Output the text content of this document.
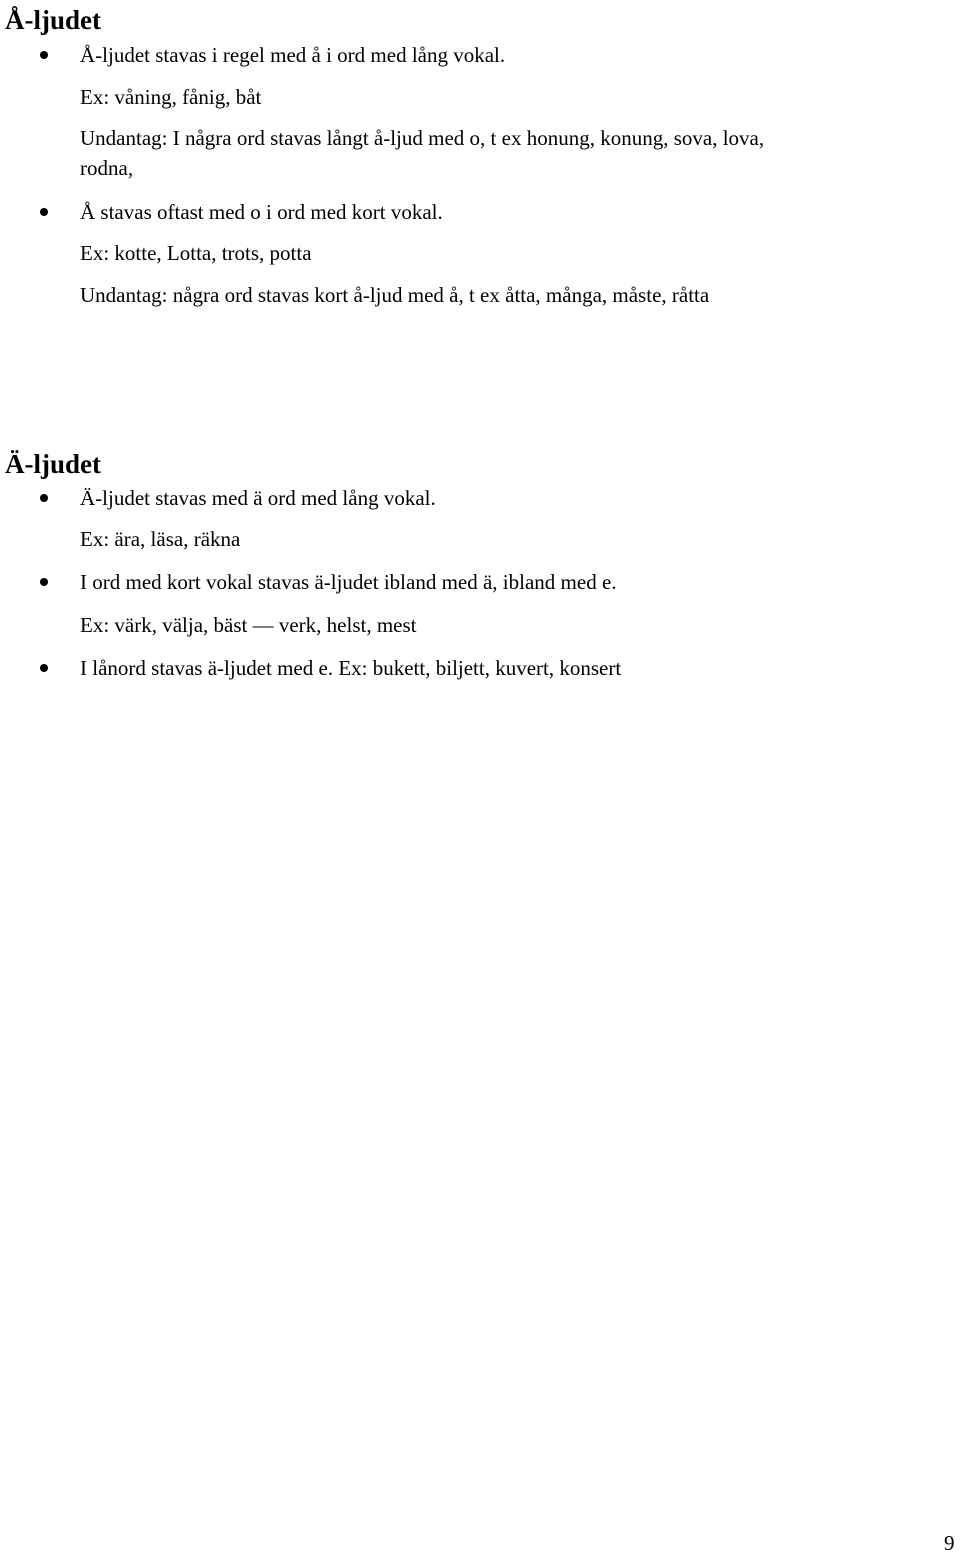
Å-ljudet

Å-ljudet stavas i regel med å i ord med lång vokal.

Ex: våning, fånig, båt

Undantag: I några ord stavas långt å-ljud med o, t ex honung, konung, sova, lova,

rodna,

Å stavas oftast med o i ord med kort vokal.

Ex: kotte, Lotta, trots, potta

Undantag: några ord stavas kort å-ljud med å, t ex åtta, många, måste, råtta

Ä-ljudet

Ä-ljudet stavas med ä ord med lång vokal.

Ex: ära, läsa, räkna

I ord med kort vokal stavas ä-ljudet ibland med ä, ibland med e.

Ex: värk, välja, bäst — verk, helst, mest

I lånord stavas ä-ljudet med e. Ex: bukett, biljett, kuvert, konsert

9
